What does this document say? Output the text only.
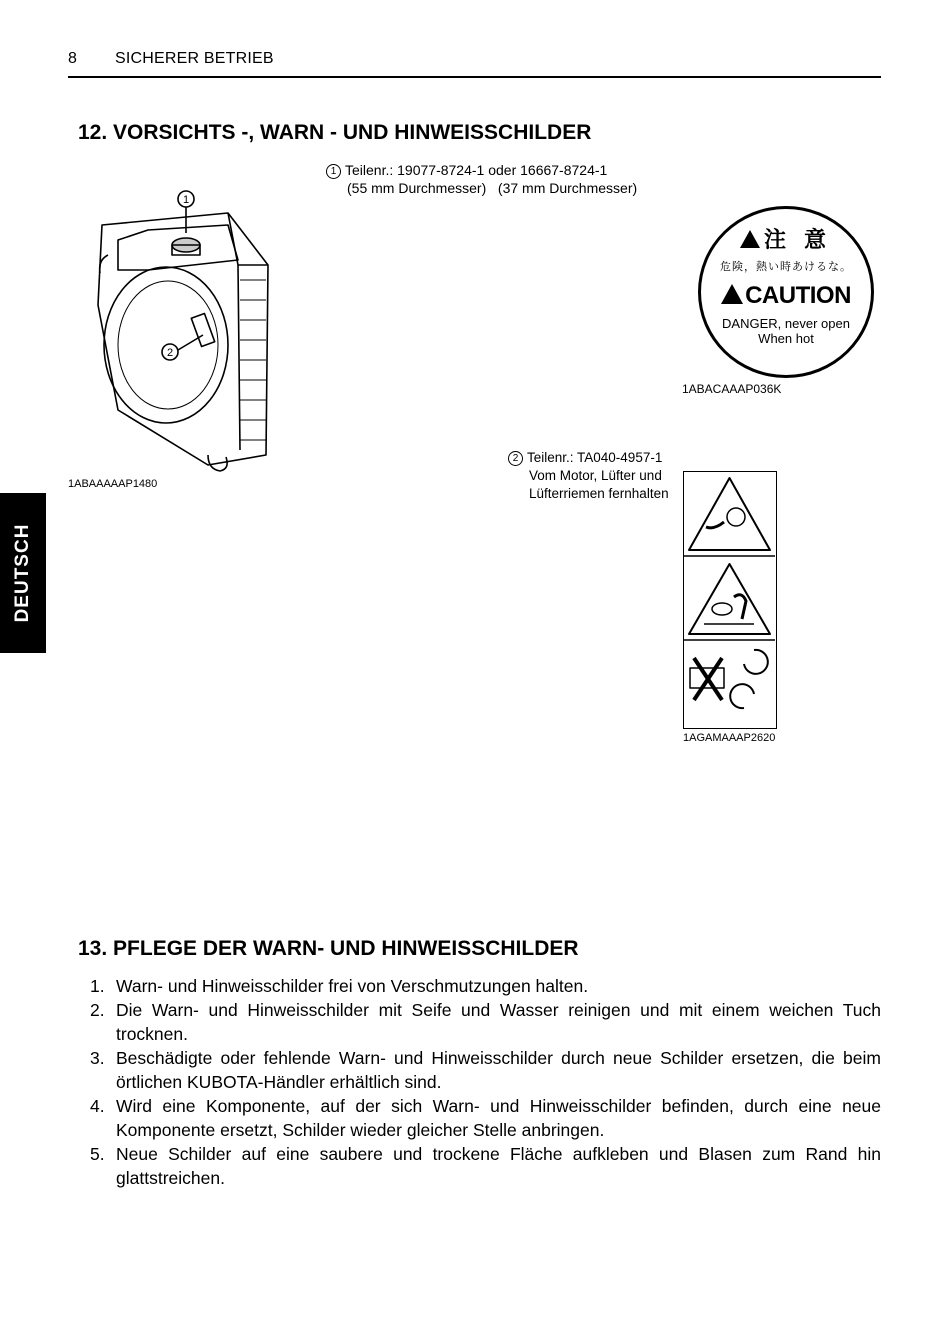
8 SICHERER BETRIEB
DEUTSCH
12. VORSICHTS -, WARN - UND HINWEISSCHILDER
1 Teilenr.: 19077-8724-1 oder 16667-8724-1
(55 mm Durchmesser)   (37 mm Durchmesser)
1
2
1ABAAAAAP1480
注 意
危険，熱い時あけるな。
CAUTION
DANGER, never open
When hot
1ABACAAAP036K
2 Teilenr.: TA040-4957-1
Vom Motor, Lüfter und
Lüfterriemen fernhalten
1AGAMAAAP2620
13. PFLEGE DER WARN- UND HINWEISSCHILDER
1. Warn- und Hinweisschilder frei von Verschmutzungen halten.
2. Die Warn- und Hinweisschilder mit Seife und Wasser reinigen und mit einem weichen Tuch trocknen.
3. Beschädigte oder fehlende Warn- und Hinweisschilder durch neue Schilder ersetzen, die beim örtlichen KUBOTA-Händler erhältlich sind.
4. Wird eine Komponente, auf der sich Warn- und Hinweisschilder befinden, durch eine neue Komponente ersetzt, Schilder wieder gleicher Stelle anbringen.
5. Neue Schilder auf eine saubere und trockene Fläche aufkleben und Blasen zum Rand hin glattstreichen.
